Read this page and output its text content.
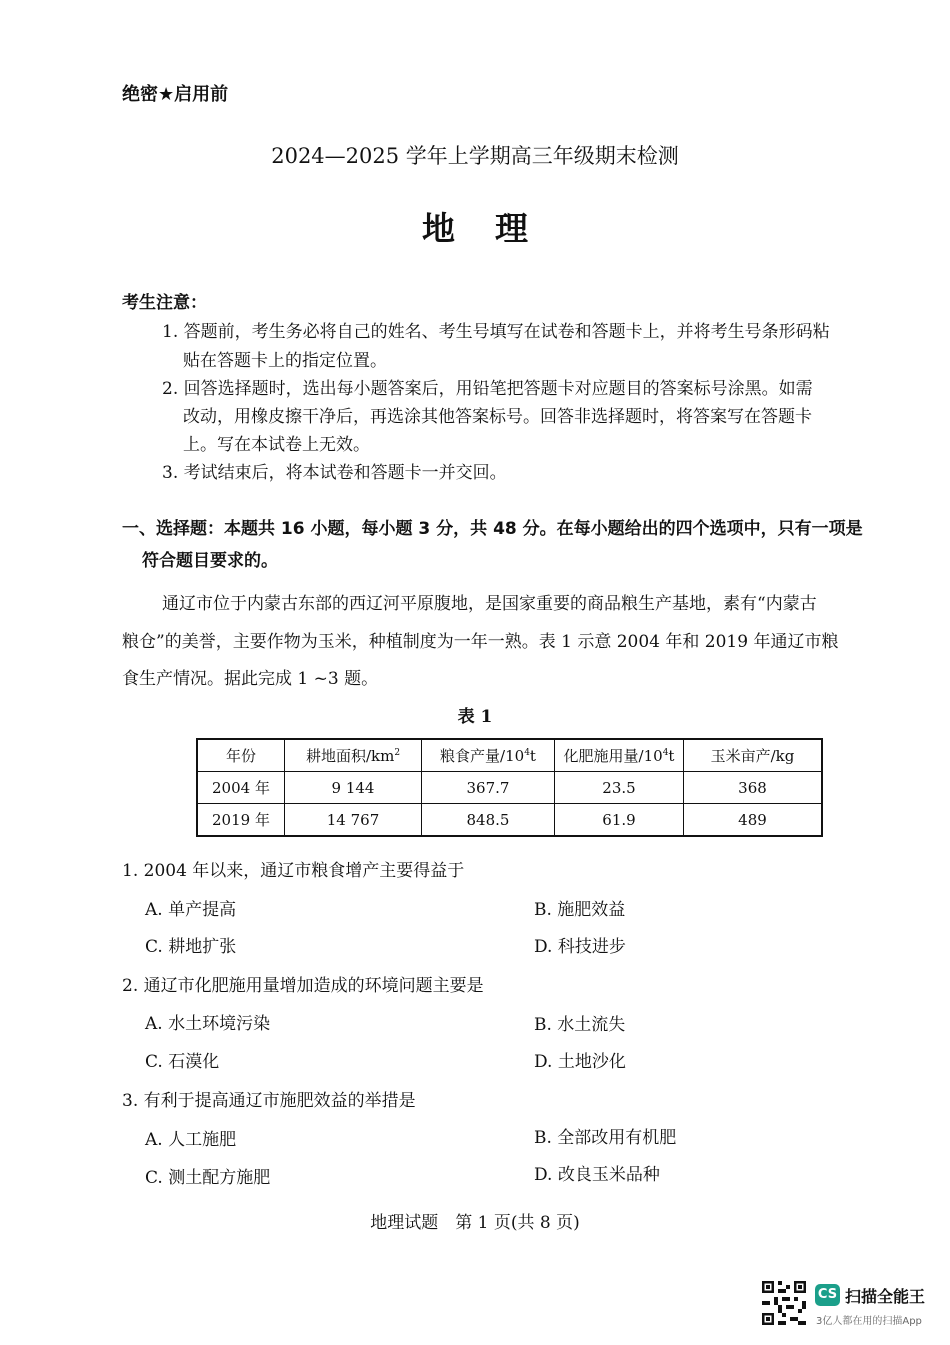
绝密★启用前
2024—2025 学年上学期高三年级期末检测
地理
考生注意：
1. 答题前，考生务必将自己的姓名、考生号填写在试卷和答题卡上，并将考生号条形码粘
贴在答题卡上的指定位置。
2. 回答选择题时，选出每小题答案后，用铅笔把答题卡对应题目的答案标号涂黑。如需
改动，用橡皮擦干净后，再选涂其他答案标号。回答非选择题时，将答案写在答题卡
上。写在本试卷上无效。
3. 考试结束后，将本试卷和答题卡一并交回。
一、选择题：本题共 16 小题，每小题 3 分，共 48 分。在每小题给出的四个选项中，只有一项是
符合题目要求的。
通辽市位于内蒙古东部的西辽河平原腹地，是国家重要的商品粮生产基地，素有“内蒙古
粮仓”的美誉，主要作物为玉米，种植制度为一年一熟。表 1 示意 2004 年和 2019 年通辽市粮
食生产情况。据此完成 1 ~3 题。
表 1
年份	耕地面积$/km^2$	粮食产量$/10^4t$	化肥施用量$/10^4t$	玉米亩产/kg
2004 年	9 144	367.7	23.5	368
2019 年	14 767	848.5	61.9	489
1. 2004 年以来，通辽市粮食增产主要得益于
A. 单产提高	B. 施肥效益
C. 耕地扩张	D. 科技进步
2. 通辽市化肥施用量增加造成的环境问题主要是
A. 水土环境污染	B. 水土流失
C. 石漠化	D. 土地沙化
3. 有利于提高通辽市施肥效益的举措是
A. 人工施肥	B. 全部改用有机肥
C. 测土配方施肥	D. 改良玉米品种
地理试题　第 1 页(共 8 页)
CS 扫描全能王
3亿人都在用的扫描App
